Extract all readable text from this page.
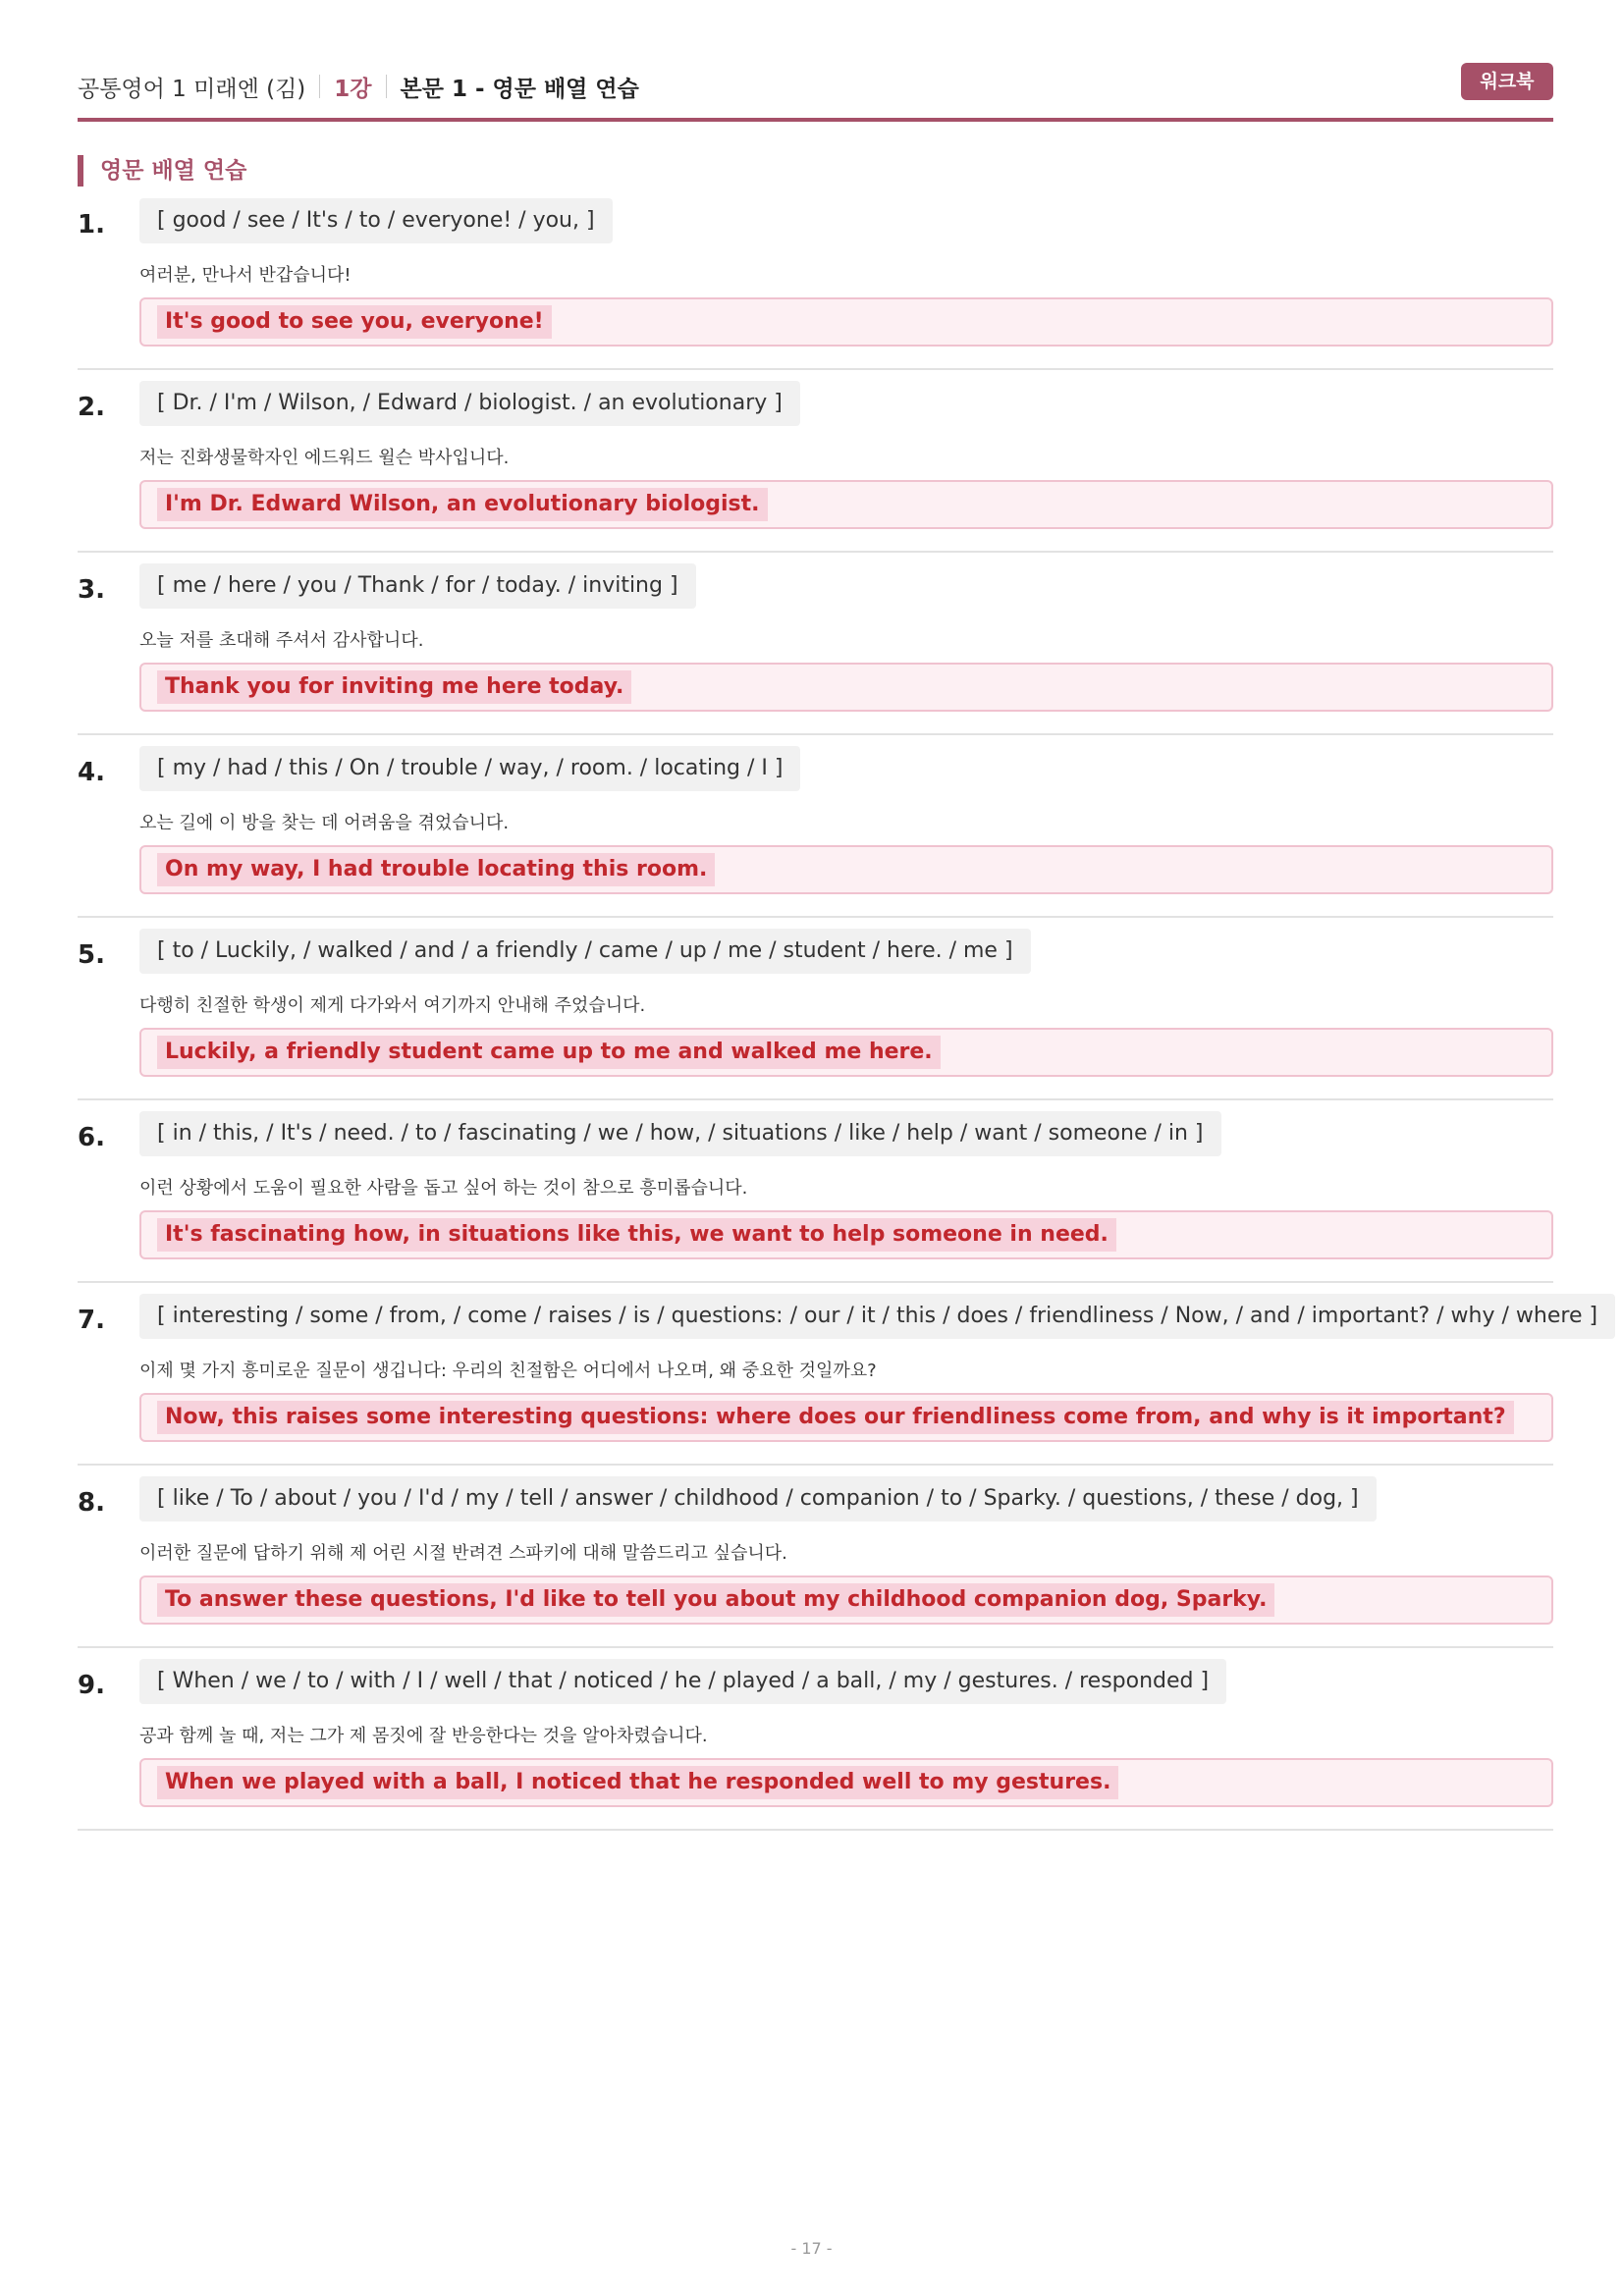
공통영어 1 미래엔 (김) 1강 본문 1 - 영문 배열 연습	워크북
영문 배열 연습
1.	[ good / see / It's / to / everyone! / you, ]
여러분, 만나서 반갑습니다!
It's good to see you, everyone!
2.	[ Dr. / I'm / Wilson, / Edward / biologist. / an evolutionary ]
저는 진화생물학자인 에드워드 윌슨 박사입니다.
I'm Dr. Edward Wilson, an evolutionary biologist.
3.	[ me / here / you / Thank / for / today. / inviting ]
오늘 저를 초대해 주셔서 감사합니다.
Thank you for inviting me here today.
4.	[ my / had / this / On / trouble / way, / room. / locating / I ]
오는 길에 이 방을 찾는 데 어려움을 겪었습니다.
On my way, I had trouble locating this room.
5.	[ to / Luckily, / walked / and / a friendly / came / up / me / student / here. / me ]
다행히 친절한 학생이 제게 다가와서 여기까지 안내해 주었습니다.
Luckily, a friendly student came up to me and walked me here.
6.	[ in / this, / It's / need. / to / fascinating / we / how, / situations / like / help / want / someone / in ]
이런 상황에서 도움이 필요한 사람을 돕고 싶어 하는 것이 참으로 흥미롭습니다.
It's fascinating how, in situations like this, we want to help someone in need.
7.	[ interesting / some / from, / come / raises / is / questions: / our / it / this / does / friendliness / Now, / and / important? / why / where ]
이제 몇 가지 흥미로운 질문이 생깁니다: 우리의 친절함은 어디에서 나오며, 왜 중요한 것일까요?
Now, this raises some interesting questions: where does our friendliness come from, and why is it important?
8.	[ like / To / about / you / I'd / my / tell / answer / childhood / companion / to / Sparky. / questions, / these / dog, ]
이러한 질문에 답하기 위해 제 어린 시절 반려견 스파키에 대해 말씀드리고 싶습니다.
To answer these questions, I'd like to tell you about my childhood companion dog, Sparky.
9.	[ When / we / to / with / I / well / that / noticed / he / played / a ball, / my / gestures. / responded ]
공과 함께 놀 때, 저는 그가 제 몸짓에 잘 반응한다는 것을 알아차렸습니다.
When we played with a ball, I noticed that he responded well to my gestures.
- 17 -
